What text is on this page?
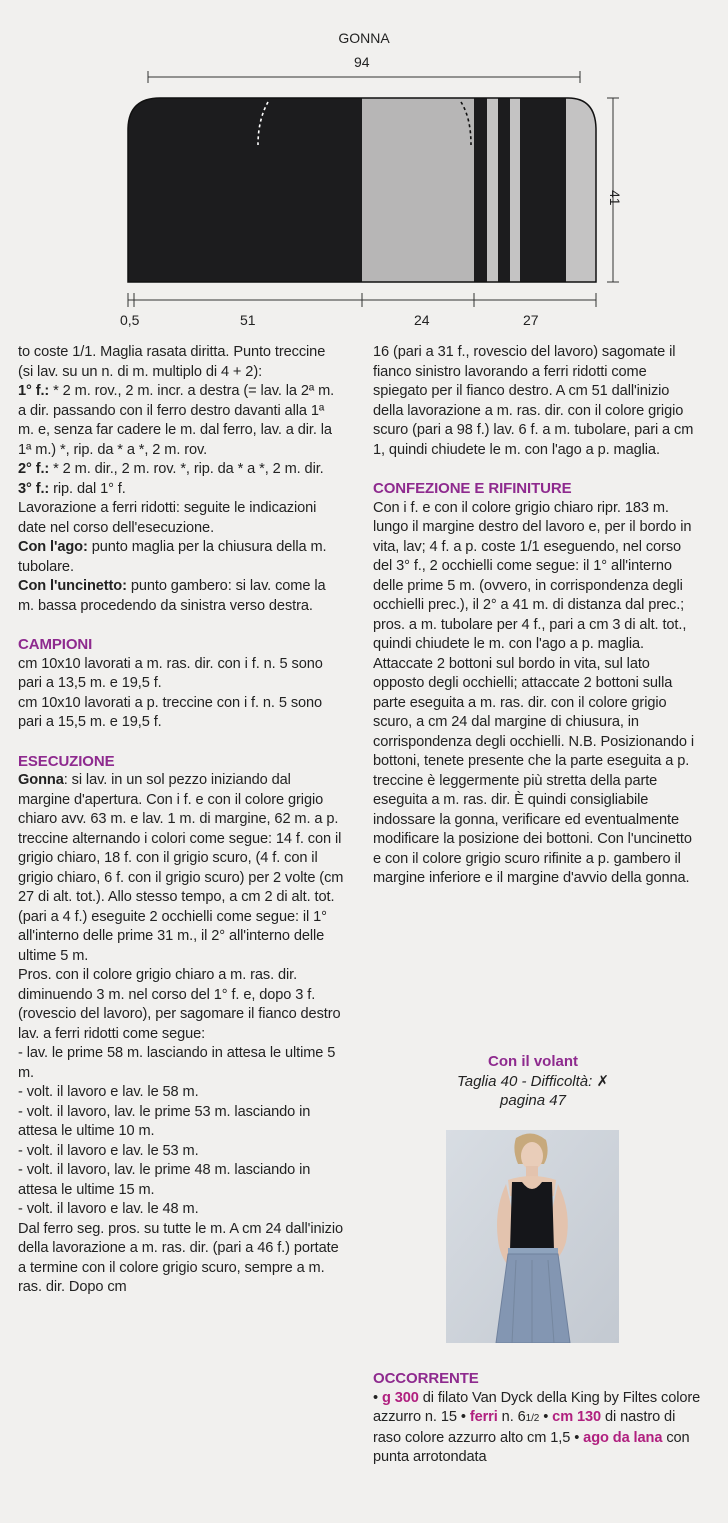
GONNA
94
41
0,5	51	24	27

to coste 1/1. Maglia rasata diritta. Punto treccine (si lav. su un n. di m. multiplo di 4 + 2):

1° f.: * 2 m. rov., 2 m. incr. a destra (= lav. la 2ª m. a dir. passando con il ferro destro davanti alla 1ª m. e, senza far cadere le m. dal ferro, lav. a dir. la 1ª m.) *, rip. da * a *, 2 m. rov.

2° f.: * 2 m. dir., 2 m. rov. *, rip. da * a *, 2 m. dir.

3° f.: rip. dal 1° f.

Lavorazione a ferri ridotti: seguite le indicazioni date nel corso dell'esecuzione.

Con l'ago: punto maglia per la chiusura della m. tubolare.

Con l'uncinetto: punto gambero: si lav. come la m. bassa procedendo da sinistra verso destra.

CAMPIONI

cm 10x10 lavorati a m. ras. dir. con i f. n. 5 sono pari a 13,5 m. e 19,5 f.

cm 10x10 lavorati a p. treccine con i f. n. 5 sono pari a 15,5 m. e 19,5 f.

ESECUZIONE

Gonna: si lav. in un sol pezzo iniziando dal margine d'apertura. Con i f. e con il colore grigio chiaro avv. 63 m. e lav. 1 m. di margine, 62 m. a p. treccine alternando i colori come segue: 14 f. con il grigio chiaro, 18 f. con il grigio scuro, (4 f. con il grigio chiaro, 6 f. con il grigio scuro) per 2 volte (cm 27 di alt. tot.). Allo stesso tempo, a cm 2 di alt. tot. (pari a 4 f.) eseguite 2 occhielli come segue: il 1° all'interno delle prime 31 m., il 2° all'interno delle ultime 5 m.

Pros. con il colore grigio chiaro a m. ras. dir. diminuendo 3 m. nel corso del 1° f. e, dopo 3 f. (rovescio del lavoro), per sagomare il fianco destro lav. a ferri ridotti come segue:

- lav. le prime 58 m. lasciando in attesa le ultime 5 m.

- volt. il lavoro e lav. le 58 m.

- volt. il lavoro, lav. le prime 53 m. lasciando in attesa le ultime 10 m.

- volt. il lavoro e lav. le 53 m.

- volt. il lavoro, lav. le prime 48 m. lasciando in attesa le ultime 15 m.

- volt. il lavoro e lav. le 48 m.

Dal ferro seg. pros. su tutte le m. A cm 24 dall'inizio della lavorazione a m. ras. dir. (pari a 46 f.) portate a termine con il colore grigio scuro, sempre a m. ras. dir. Dopo cm

16 (pari a 31 f., rovescio del lavoro) sagomate il fianco sinistro lavorando a ferri ridotti come spiegato per il fianco destro. A cm 51 dall'inizio della lavorazione a m. ras. dir. con il colore grigio scuro (pari a 98 f.) lav. 6 f. a m. tubolare, pari a cm 1, quindi chiudete le m. con l'ago a p. maglia.

CONFEZIONE E RIFINITURE

Con i f. e con il colore grigio chiaro ripr. 183 m. lungo il margine destro del lavoro e, per il bordo in vita, lav; 4 f. a p. coste 1/1 eseguendo, nel corso del 3° f., 2 occhielli come segue: il 1° all'interno delle prime 5 m. (ovvero, in corrispondenza degli occhielli prec.), il 2° a 41 m. di distanza dal prec.; pros. a m. tubolare per 4 f., pari a cm 3 di alt. tot., quindi chiudete le m. con l'ago a p. maglia. Attaccate 2 bottoni sul bordo in vita, sul lato opposto degli occhielli; attaccate 2 bottoni sulla parte eseguita a m. ras. dir. con il colore grigio scuro, a cm 24 dal margine di chiusura, in corrispondenza degli occhielli. N.B. Posizionando i bottoni, tenete presente che la parte eseguita a p. treccine è leggermente più stretta della parte eseguita a m. ras. dir. È quindi consigliabile indossare la gonna, verificare ed eventualmente modificare la posizione dei bottoni. Con l'uncinetto e con il colore grigio scuro rifinite a p. gambero il margine inferiore e il margine d'avvio della gonna.

Con il volant

Taglia 40 - Difficoltà: ✗

pagina 47

OCCORRENTE

• g 300 di filato Van Dyck della King by Filtes colore azzurro n. 15 • ferri n. 61/2 • cm 130 di nastro di raso colore azzurro alto cm 1,5 • ago da lana con punta arrotondata
